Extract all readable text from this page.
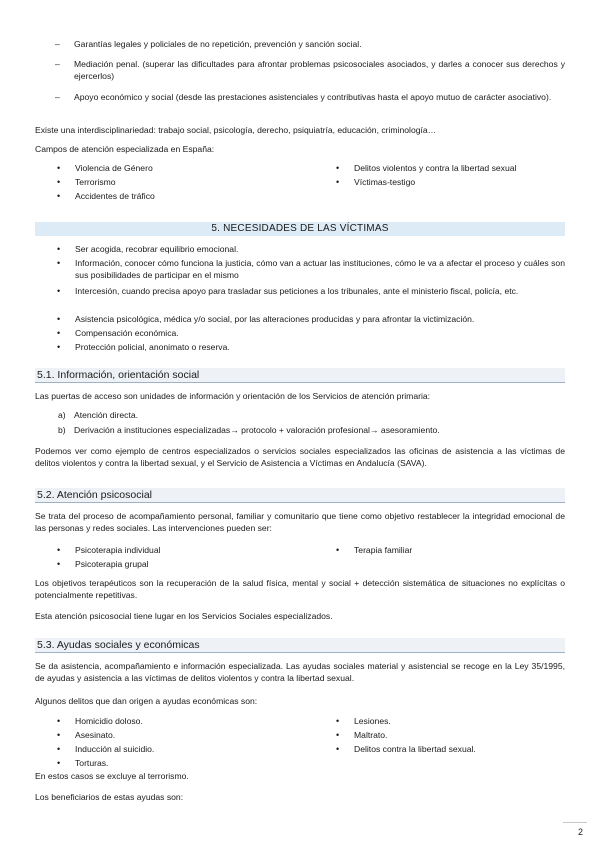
–	Garantías legales y policiales de no repetición, prevención y sanción social.
–	Mediación penal. (superar las dificultades para afrontar problemas psicosociales asociados, y darles a conocer sus derechos y ejercerlos)
–	Apoyo económico y social (desde las prestaciones asistenciales y contributivas hasta el apoyo mutuo de carácter asociativo).
Existe una interdisciplinariedad: trabajo social, psicología, derecho, psiquiatría, educación, criminología…
Campos de atención especializada en España:
• Violencia de Género
• Terrorismo
• Accidentes de tráfico
• Delitos violentos y contra la libertad sexual
• Víctimas-testigo
5. NECESIDADES DE LAS VÍCTIMAS
• Ser acogida, recobrar equilibrio emocional.
• Información, conocer cómo funciona la justicia, cómo van a actuar las instituciones, cómo le va a afectar el proceso y cuáles son sus posibilidades de participar en el mismo
• Intercesión, cuando precisa apoyo para trasladar sus peticiones a los tribunales, ante el ministerio fiscal, policía, etc.
• Asistencia psicológica, médica y/o social, por las alteraciones producidas y para afrontar la victimización.
• Compensación económica.
• Protección policial, anonimato o reserva.
5.1. Información, orientación social
Las puertas de acceso son unidades de información y orientación de los Servicios de atención primaria:
a) Atención directa.
b) Derivación a instituciones especializadas→ protocolo + valoración profesional→ asesoramiento.
Podemos ver como ejemplo de centros especializados o servicios sociales especializados las oficinas de asistencia a las víctimas de delitos violentos y contra la libertad sexual, y el Servicio de Asistencia a Víctimas en Andalucía (SAVA).
5.2. Atención psicosocial
Se trata del proceso de acompañamiento personal, familiar y comunitario que tiene como objetivo restablecer la integridad emocional de las personas y redes sociales. Las intervenciones pueden ser:
• Psicoterapia individual
• Psicoterapia grupal
• Terapia familiar
Los objetivos terapéuticos son la recuperación de la salud física, mental y social + detección sistemática de situaciones no explícitas o potencialmente repetitivas.
Esta atención psicosocial tiene lugar en los Servicios Sociales especializados.
5.3. Ayudas sociales y económicas
Se da asistencia, acompañamiento e información especializada. Las ayudas sociales material y asistencial se recoge en la Ley 35/1995, de ayudas y asistencia a las víctimas de delitos violentos y contra la libertad sexual.
Algunos delitos que dan origen a ayudas económicas son:
• Homicidio doloso.
• Asesinato.
• Inducción al suicidio.
• Torturas.
• Lesiones.
• Maltrato.
• Delitos contra la libertad sexual.
En estos casos se excluye al terrorismo.
Los beneficiarios de estas ayudas son:
2
